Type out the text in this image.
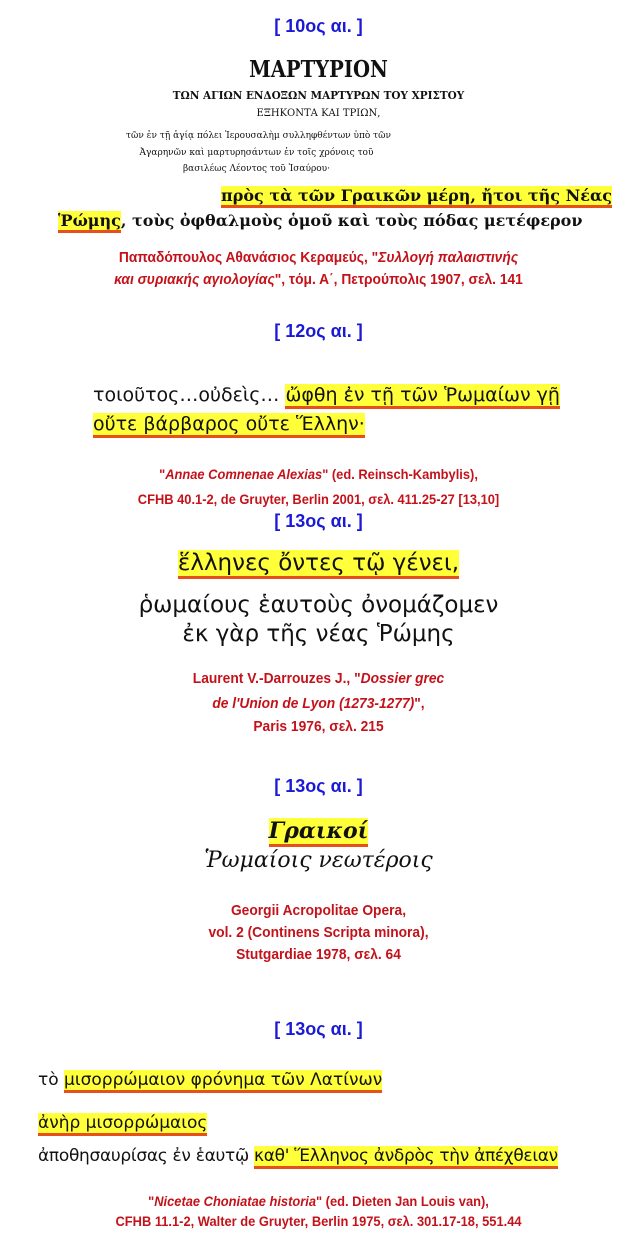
[ 10ος αι. ]
ΜΑΡΤΥΡΙΟΝ
ΤΩΝ ΑΓΙΩΝ ΕΝΔΟΞΩΝ ΜΑΡΤΥΡΩΝ ΤΟΥ ΧΡΙΣΤΟΥ
ΕΞΗΚΟΝΤΑ ΚΑΙ ΤΡΙΩΝ,
τῶν ἐν τῇ ἁγίᾳ πόλει Ἱερουσαλὴμ συλληφθέντων ὑπὸ τῶν
Ἀγαρηνῶν καὶ μαρτυρησάντων ἐν τοῖς χρόνοις τοῦ
βασιλέως Λέοντος τοῦ Ἰσαύρου·
πρὸς τὰ τῶν Γραικῶν μέρη, ἤτοι τῆς Νέας
Ῥώμης, τοὺς ὀφθαλμοὺς ὁμοῦ καὶ τοὺς πόδας μετέφερον
Παπαδόπουλος Αθανάσιος Κεραμεύς, "Συλλογή παλαιστινής
και συριακής αγιολογίας", τόμ. Α΄, Πετρούπολις 1907, σελ. 141
[ 12ος αι. ]
τοιοῦτος…οὐδεὶς… ὤφθη ἐν τῇ τῶν Ῥωμαίων γῇ
οὔτε βάρβαρος οὔτε Ἕλλην·
"Annae Comnenae Alexias" (ed. Reinsch-Kambylis),
CFHB 40.1-2, de Gruyter, Berlin 2001, σελ. 411.25-27 [13,10]
[ 13ος αι. ]
ἕλληνες ὄντες τῷ γένει,
ῥωμαίους ἑαυτοὺς ὀνομάζομεν
ἐκ γὰρ τῆς νέας Ῥώμης
Laurent V.-Darrouzes J., "Dossier grec
de l'Union de Lyon (1273-1277)",
Paris 1976, σελ. 215
[ 13ος αι. ]
Γραικοί
Ῥωμαίοις νεωτέροις
Georgii Acropolitae Opera,
vol. 2 (Continens Scripta minora),
Stutgardiae 1978, σελ. 64
[ 13ος αι. ]
τὸ μισορρώμαιον φρόνημα τῶν Λατίνων
ἀνὴρ μισορρώμαιος
ἀποθησαυρίσας ἐν ἑαυτῷ καθ' Ἕλληνος ἀνδρὸς τὴν ἀπέχθειαν
"Nicetae Choniatae historia" (ed. Dieten Jan Louis van),
CFHB 11.1-2, Walter de Gruyter, Berlin 1975, σελ. 301.17-18, 551.44
